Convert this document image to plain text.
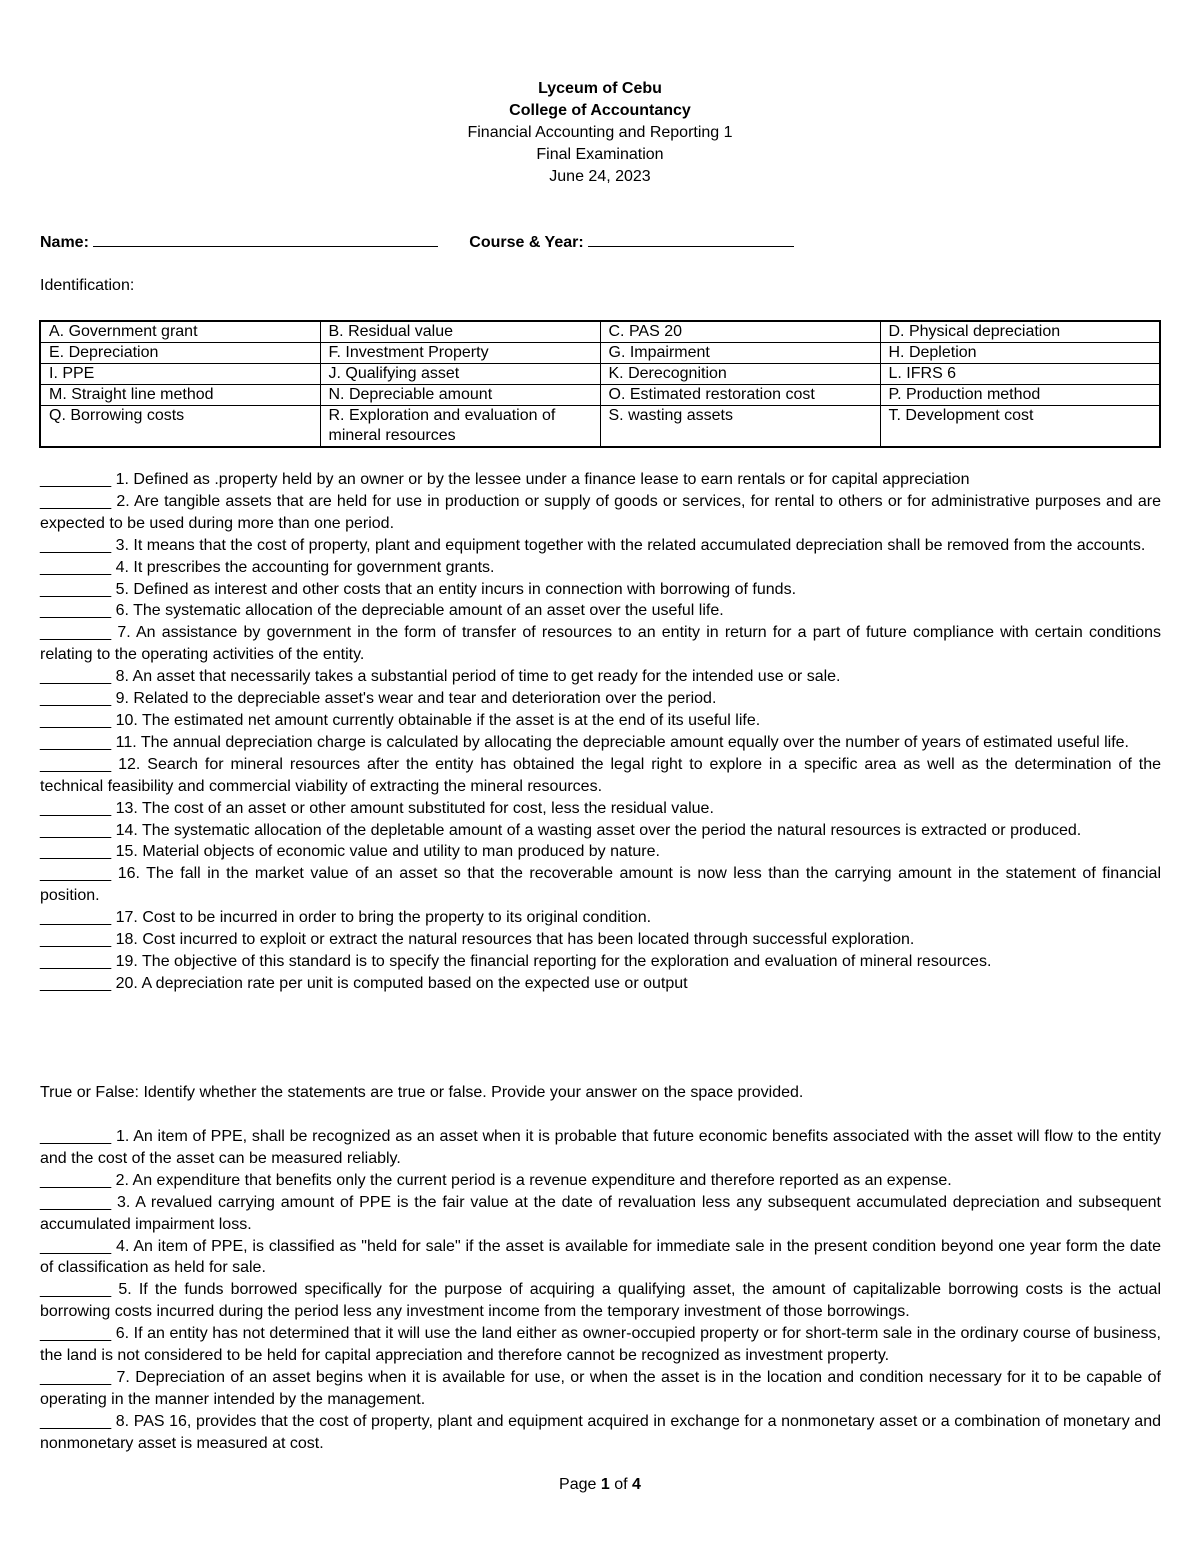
Lyceum of Cebu
College of Accountancy
Financial Accounting and Reporting 1
Final Examination
June 24, 2023
Name:	Course & Year:
Identification:
A. Government grant	B. Residual value	C. PAS 20	D. Physical depreciation
E. Depreciation	F. Investment Property	G. Impairment	H. Depletion
I. PPE	J. Qualifying asset	K. Derecognition	L. IFRS 6
M. Straight line method	N. Depreciable amount	O. Estimated restoration cost	P. Production method
Q. Borrowing costs	R. Exploration and evaluation of mineral resources	S. wasting assets	T. Development cost

________ 1. Defined as .property held by an owner or by the lessee under a finance lease to earn rentals or for capital appreciation

________ 2. Are tangible assets that are held for use in production or supply of goods or services, for rental to others or for administrative purposes and are expected to be used during more than one period.

________ 3. It means that the cost of property, plant and equipment together with the related accumulated depreciation shall be removed from the accounts.

________ 4. It prescribes the accounting for government grants.

________ 5. Defined as interest and other costs that an entity incurs in connection with borrowing of funds.

________ 6. The systematic allocation of the depreciable amount of an asset over the useful life.

________ 7. An assistance by government in the form of transfer of resources to an entity in return for a part of future compliance with certain conditions relating to the operating activities of the entity.

________ 8. An asset that necessarily takes a substantial period of time to get ready for the intended use or sale.

________ 9. Related to the depreciable asset's wear and tear and deterioration over the period.

________ 10. The estimated net amount currently obtainable if the asset is at the end of its useful life.

________ 11. The annual depreciation charge is calculated by allocating the depreciable amount equally over the number of years of estimated useful life.

________ 12. Search for mineral resources after the entity has obtained the legal right to explore in a specific area as well as the determination of the technical feasibility and commercial viability of extracting the mineral resources.

________ 13. The cost of an asset or other amount substituted for cost, less the residual value.

________ 14. The systematic allocation of the depletable amount of a wasting asset over the period the natural resources is extracted or produced.

________ 15. Material objects of economic value and utility to man produced by nature.

________ 16. The fall in the market value of an asset so that the recoverable amount is now less than the carrying amount in the statement of financial position.

________ 17. Cost to be incurred in order to bring the property to its original condition.

________ 18. Cost incurred to exploit or extract the natural resources that has been located through successful exploration.

________ 19. The objective of this standard is to specify the financial reporting for the exploration and evaluation of mineral resources.

________ 20. A depreciation rate per unit is computed based on the expected use or output

True or False: Identify whether the statements are true or false. Provide your answer on the space provided.

________ 1. An item of PPE, shall be recognized as an asset when it is probable that future economic benefits associated with the asset will flow to the entity and the cost of the asset can be measured reliably.

________ 2. An expenditure that benefits only the current period is a revenue expenditure and therefore reported as an expense.

________ 3. A revalued carrying amount of PPE is the fair value at the date of revaluation less any subsequent accumulated depreciation and subsequent accumulated impairment loss.

________ 4. An item of PPE, is classified as "held for sale" if the asset is available for immediate sale in the present condition beyond one year form the date of classification as held for sale.

________ 5. If the funds borrowed specifically for the purpose of acquiring a qualifying asset, the amount of capitalizable borrowing costs is the actual borrowing costs incurred during the period less any investment income from the temporary investment of those borrowings.

________ 6. If an entity has not determined that it will use the land either as owner-occupied property or for short-term sale in the ordinary course of business, the land is not considered to be held for capital appreciation and therefore cannot be recognized as investment property.

________ 7. Depreciation of an asset begins when it is available for use, or when the asset is in the location and condition necessary for it to be capable of operating in the manner intended by the management.

________ 8. PAS 16, provides that the cost of property, plant and equipment acquired in exchange for a nonmonetary asset or a combination of monetary and nonmonetary asset is measured at cost.

Page 1 of 4
